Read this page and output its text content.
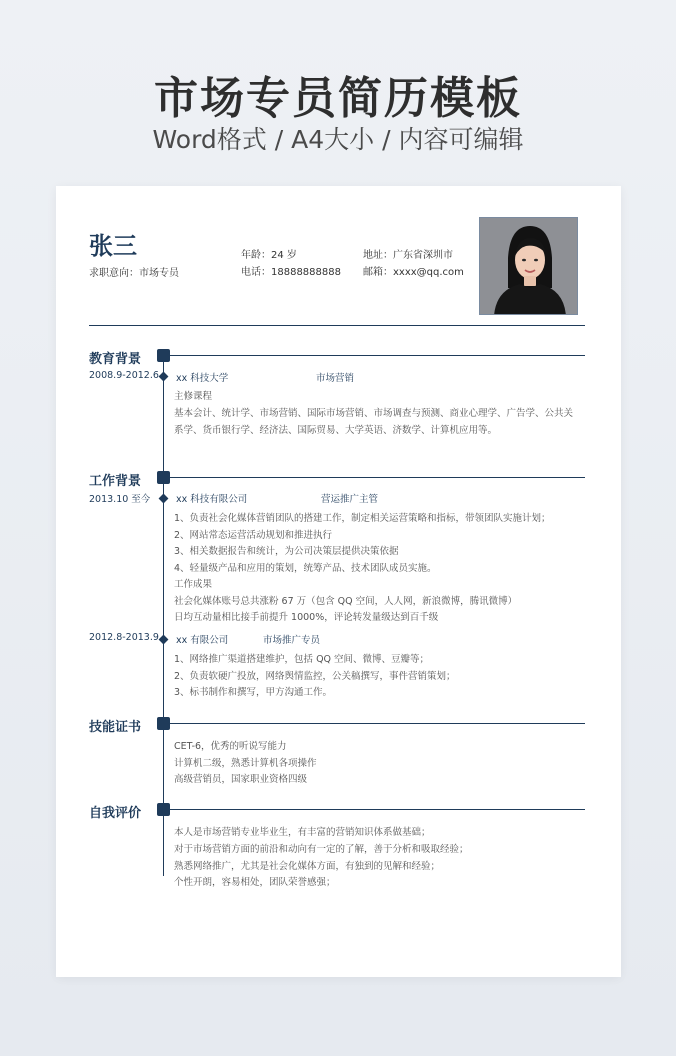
市场专员简历模板
Word格式 / A4大小 / 内容可编辑
张三
求职意向：市场专员
年龄：24 岁
电话：18888888888
地址：广东省深圳市
邮箱：xxxx@qq.com
教育背景
2008.9-2012.6 xx 科技大学	市场营销
主修课程
基本会计、统计学、市场营销、国际市场营销、市场调查与预测、商业心理学、广告学、公共关
系学、货币银行学、经济法、国际贸易、大学英语、济数学、计算机应用等。
工作背景
2013.10 至今	xx 科技有限公司	营运推广主管
1、负责社会化媒体营销团队的搭建工作，制定相关运营策略和指标，带领团队实施计划；
2、网站常态运营活动规划和推进执行
3、相关数据报告和统计，为公司决策层提供决策依据
4、轻量级产品和应用的策划，统筹产品、技术团队成员实施。
工作成果
社会化媒体账号总共涨粉 67 万（包含 QQ 空间，人人网，新浪微博，腾讯微博）
日均互动量相比接手前提升 1000%，评论转发量级达到百千级
2012.8-2013.9 xx 有限公司	市场推广专员
1、网络推广渠道搭建维护，包括 QQ 空间、微博、豆瓣等；
2、负责软硬广投放，网络舆情监控，公关稿撰写，事件营销策划；
3、标书制作和撰写，甲方沟通工作。
技能证书
CET-6，优秀的听说写能力
计算机二级，熟悉计算机各项操作
高级营销员，国家职业资格四级
自我评价
本人是市场营销专业毕业生，有丰富的营销知识体系做基础；
对于市场营销方面的前沿和动向有一定的了解，善于分析和吸取经验；
熟悉网络推广，尤其是社会化媒体方面，有独到的见解和经验；
个性开朗，容易相处，团队荣誉感强；
